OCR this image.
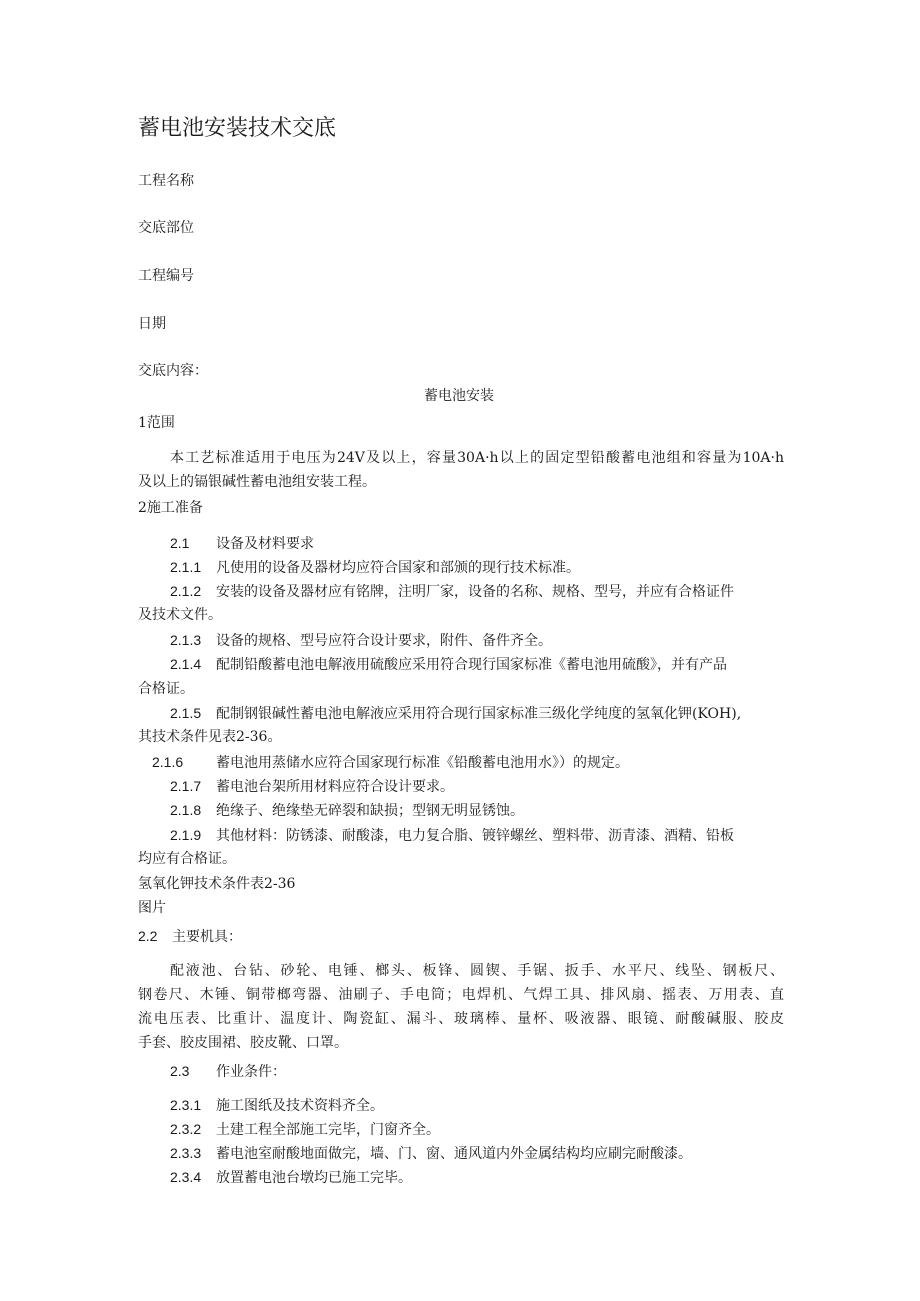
蓄电池安装技术交底
工程名称
交底部位
工程编号
日期
交底内容：
蓄电池安装
1范围
本工艺标准适用于电压为24V及以上，容量30A·h以上的固定型铅酸蓄电池组和容量为10A·h
及以上的镉银碱性蓄电池组安装工程。
2施工准备
2.1 设备及材料要求
2.1.1 凡使用的设备及器材均应符合国家和部颁的现行技术标准。
2.1.2 安装的设备及器材应有铭牌，注明厂家，设备的名称、规格、型号，并应有合格证件
及技术文件。
2.1.3 设备的规格、型号应符合设计要求，附件、备件齐全。
2.1.4 配制铅酸蓄电池电解液用硫酸应采用符合现行国家标准《蓄电池用硫酸》，并有产品
合格证。
2.1.5 配制钢银碱性蓄电池电解液应采用符合现行国家标准三级化学纯度的氢氧化钾(KOH),
其技术条件见表2-36。
2.1.6 蓄电池用蒸储水应符合国家现行标准《铅酸蓄电池用水》）的规定。
2.1.7 蓄电池台架所用材料应符合设计要求。
2.1.8 绝缘子、绝缘垫无碎裂和缺损；型钢无明显锈蚀。
2.1.9 其他材料：防锈漆、耐酸漆，电力复合脂、镀锌螺丝、塑料带、沥青漆、酒精、铅板
均应有合格证。
氢氧化钾技术条件表2-36
图片
2.2 主要机具：
配液池、台钻、砂轮、电锤、榔头、板锋、圆锲、手锯、扳手、水平尺、线坠、钢板尺、
钢卷尺、木锤、铜带榔弯器、油刷子、手电筒；电焊机、气焊工具、排风扇、摇表、万用表、直
流电压表、比重计、温度计、陶瓷缸、漏斗、玻璃棒、量杯、吸液器、眼镜、耐酸碱服、胶皮
手套、胶皮围裙、胶皮靴、口罩。
2.3 作业条件：
2.3.1 施工图纸及技术资料齐全。
2.3.2 土建工程全部施工完毕，门窗齐全。
2.3.3 蓄电池室耐酸地面做完，墙、门、窗、通风道内外金属结构均应刷完耐酸漆。
2.3.4 放置蓄电池台墩均已施工完毕。
